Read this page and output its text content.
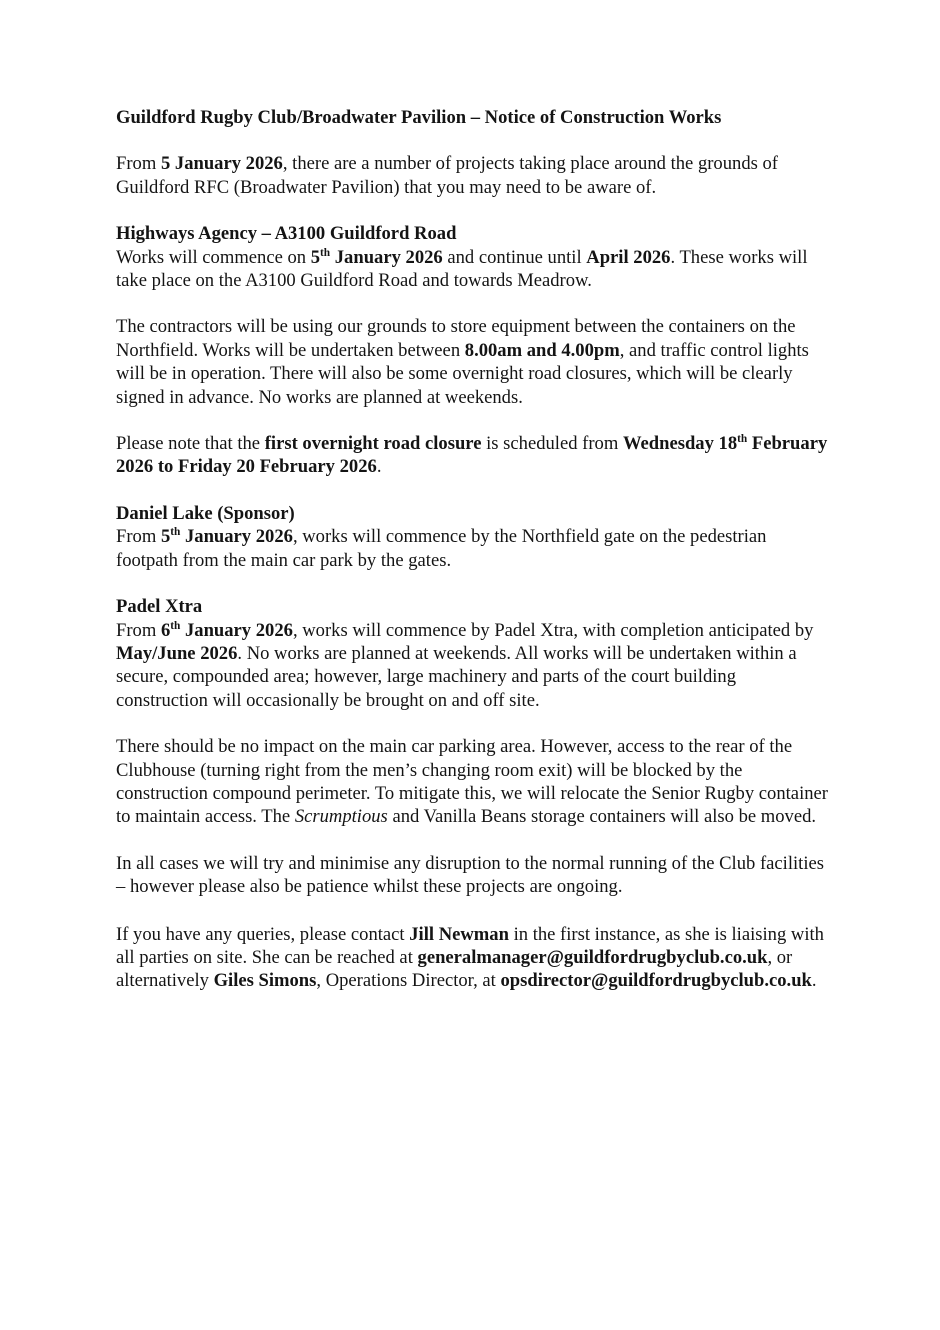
Guildford Rugby Club/Broadwater Pavilion – Notice of Construction Works

From 5 January 2026, there are a number of projects taking place around the grounds of Guildford RFC (Broadwater Pavilion) that you may need to be aware of.

Highways Agency – A3100 Guildford Road

Works will commence on 5th January 2026 and continue until April 2026. These works will take place on the A3100 Guildford Road and towards Meadrow.

The contractors will be using our grounds to store equipment between the containers on the Northfield. Works will be undertaken between 8.00am and 4.00pm, and traffic control lights will be in operation. There will also be some overnight road closures, which will be clearly signed in advance. No works are planned at weekends.

Please note that the first overnight road closure is scheduled from Wednesday 18th February 2026 to Friday 20 February 2026.

Daniel Lake (Sponsor)

From 5th January 2026, works will commence by the Northfield gate on the pedestrian footpath from the main car park by the gates.

Padel Xtra

From 6th January 2026, works will commence by Padel Xtra, with completion anticipated by May/June 2026. No works are planned at weekends. All works will be undertaken within a secure, compounded area; however, large machinery and parts of the court building construction will occasionally be brought on and off site.

There should be no impact on the main car parking area. However, access to the rear of the Clubhouse (turning right from the men’s changing room exit) will be blocked by the construction compound perimeter. To mitigate this, we will relocate the Senior Rugby container to maintain access. The Scrumptious and Vanilla Beans storage containers will also be moved.

In all cases we will try and minimise any disruption to the normal running of the Club facilities – however please also be patience whilst these projects are ongoing.

If you have any queries, please contact Jill Newman in the first instance, as she is liaising with all parties on site. She can be reached at generalmanager@guildfordrugbyclub.co.uk, or alternatively Giles Simons, Operations Director, at opsdirector@guildfordrugbyclub.co.uk.
